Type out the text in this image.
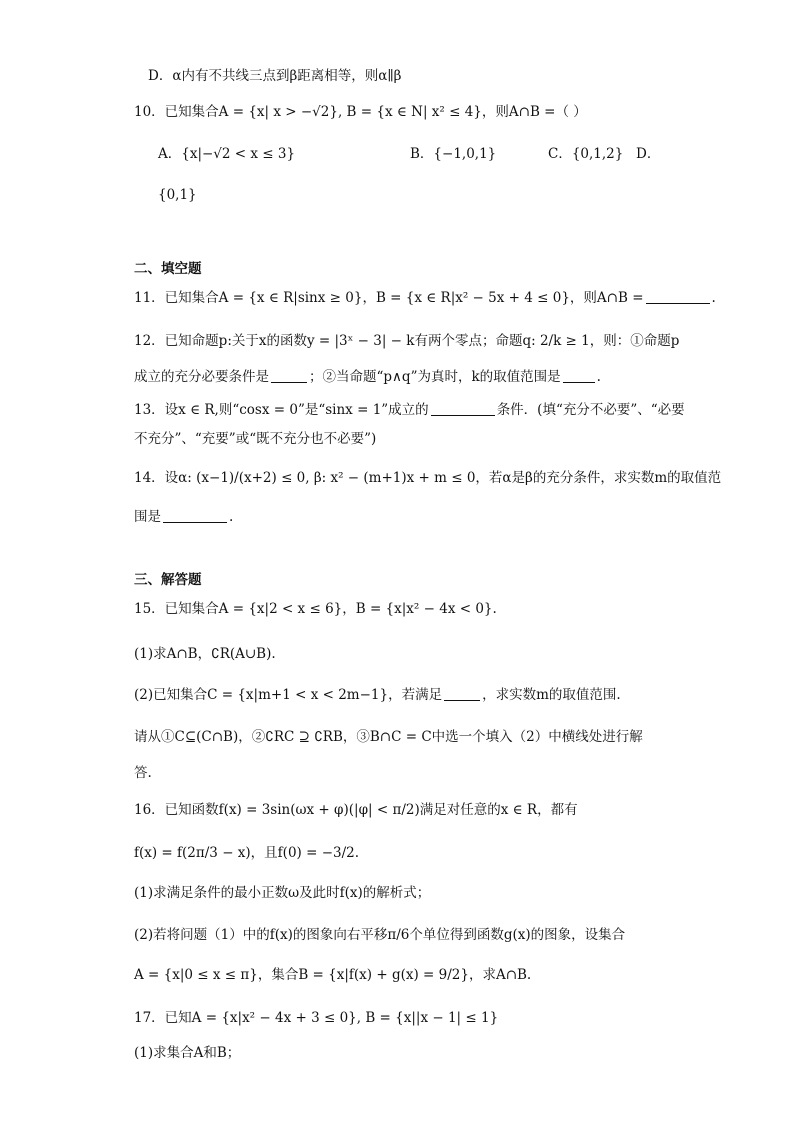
D．α内有不共线三点到β距离相等，则α∥β
10．已知集合A = {x| x > −√2}, B = {x ∈ N| x² ≤ 4}，则A∩B =（ ）
A．{x|−√2 < x ≤ 3}	B．{−1,0,1}	C．{0,1,2} D．
{0,1}
二、填空题
11．已知集合A = {x ∈ R|sinx ≥ 0}，B = {x ∈ R|x² − 5x + 4 ≤ 0}，则A∩B =	.
12．已知命题p:关于x的函数y = |3ˣ − 3| − k有两个零点；命题q: 2/k ≥ 1，则：①命题p
成立的充分必要条件是	；②当命题“p∧q”为真时，k的取值范围是	.
13．设x ∈ R,则“cosx = 0”是“sinx = 1”成立的	条件．(填“充分不必要”、“必要
不充分”、“充要”或“既不充分也不必要”)
14．设α: (x−1)/(x+2) ≤ 0, β: x² − (m+1)x + m ≤ 0，若α是β的充分条件，求实数m的取值范
围是	.
三、解答题
15．已知集合A = {x|2 < x ≤ 6}，B = {x|x² − 4x < 0}.
(1)求A∩B，∁R(A∪B).
(2)已知集合C = {x|m+1 < x < 2m−1}，若满足	，求实数m的取值范围.
请从①C⊆(C∩B)，②∁RC ⊇ ∁RB，③B∩C = C中选一个填入（2）中横线处进行解
答.
16．已知函数f(x) = 3sin(ωx + φ)(|φ| < π/2)满足对任意的x ∈ R，都有
f(x) = f(2π/3 − x)，且f(0) = −3/2.
(1)求满足条件的最小正数ω及此时f(x)的解析式；
(2)若将问题（1）中的f(x)的图象向右平移π/6个单位得到函数g(x)的图象，设集合
A = {x|0 ≤ x ≤ π}，集合B = {x|f(x) + g(x) = 9/2}，求A∩B.
17．已知A = {x|x² − 4x + 3 ≤ 0}, B = {x||x − 1| ≤ 1}
(1)求集合A和B；
